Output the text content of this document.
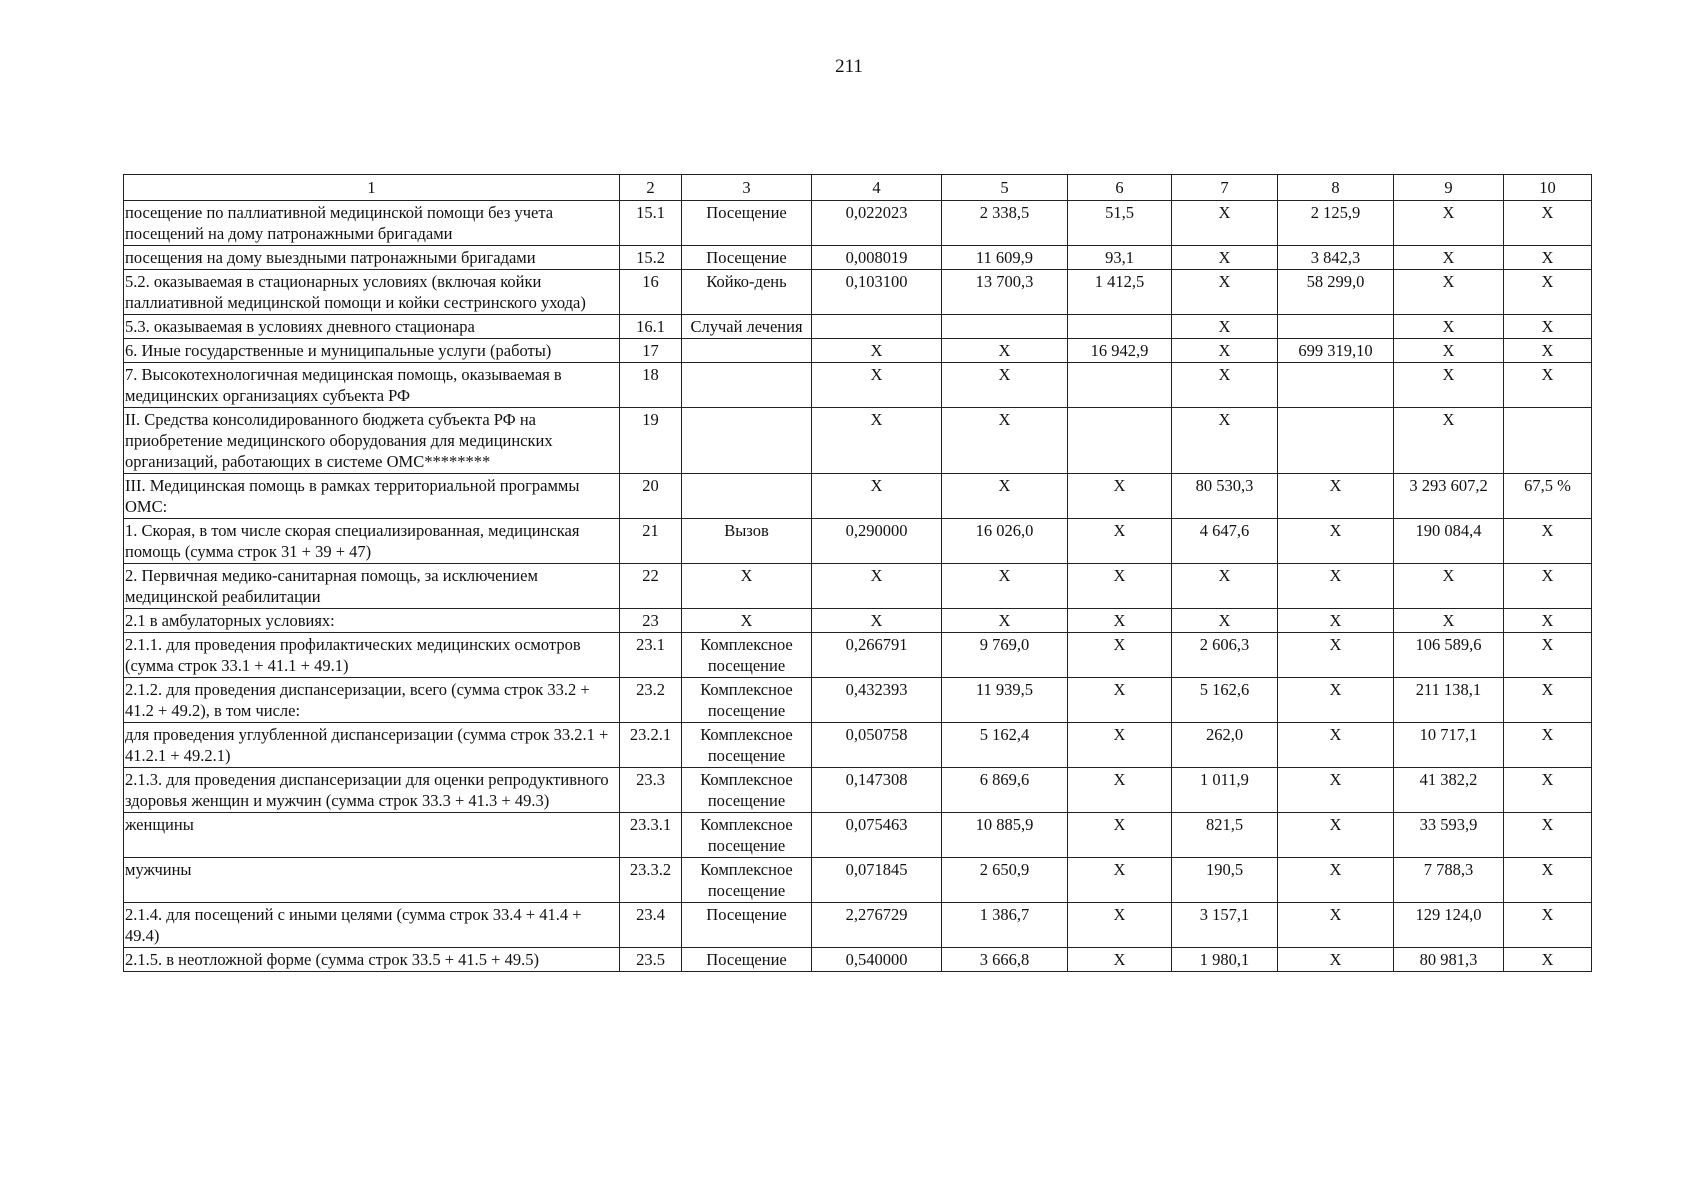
211
1	2	3	4	5	6	7	8	9	10
посещение по паллиативной медицинской помощи без учета посещений на дому патронажными бригадами	15.1	Посещение	0,022023	2 338,5	51,5	X	2 125,9	X	X
посещения на дому выездными патронажными бригадами	15.2	Посещение	0,008019	11 609,9	93,1	X	3 842,3	X	X
5.2. оказываемая в стационарных условиях (включая койки паллиативной медицинской помощи и койки сестринского ухода)	16	Койко-день	0,103100	13 700,3	1 412,5	X	58 299,0	X	X
5.3. оказываемая в условиях дневного стационара	16.1	Случай лечения				X		X	X
6. Иные государственные и муниципальные услуги (работы)	17		X	X	16 942,9	X	699 319,10	X	X
7. Высокотехнологичная медицинская помощь, оказываемая в медицинских организациях субъекта РФ	18		X	X		X		X	X
II. Средства консолидированного бюджета субъекта РФ на приобретение медицинского оборудования для медицинских организаций, работающих в системе ОМС********	19		X	X		X		X	
III. Медицинская помощь в рамках территориальной программы ОМС:	20		X	X	X	80 530,3	X	3 293 607,2	67,5 %
1. Скорая, в том числе скорая специализированная, медицинская помощь (сумма строк 31 + 39 + 47)	21	Вызов	0,290000	16 026,0	X	4 647,6	X	190 084,4	X
2. Первичная медико-санитарная помощь, за исключением медицинской реабилитации	22	X	X	X	X	X	X	X	X
2.1 в амбулаторных условиях:	23	X	X	X	X	X	X	X	X
2.1.1. для проведения профилактических медицинских осмотров (сумма строк 33.1 + 41.1 + 49.1)	23.1	Комплексное посещение	0,266791	9 769,0	X	2 606,3	X	106 589,6	X
2.1.2. для проведения диспансеризации, всего (сумма строк 33.2 + 41.2 + 49.2), в том числе:	23.2	Комплексное посещение	0,432393	11 939,5	X	5 162,6	X	211 138,1	X
для проведения углубленной диспансеризации (сумма строк 33.2.1 + 41.2.1 + 49.2.1)	23.2.1	Комплексное посещение	0,050758	5 162,4	X	262,0	X	10 717,1	X
2.1.3. для проведения диспансеризации для оценки репродуктивного здоровья женщин и мужчин (сумма строк 33.3 + 41.3 + 49.3)	23.3	Комплексное посещение	0,147308	6 869,6	X	1 011,9	X	41 382,2	X
женщины	23.3.1	Комплексное посещение	0,075463	10 885,9	X	821,5	X	33 593,9	X
мужчины	23.3.2	Комплексное посещение	0,071845	2 650,9	X	190,5	X	7 788,3	X
2.1.4. для посещений с иными целями (сумма строк 33.4 + 41.4 + 49.4)	23.4	Посещение	2,276729	1 386,7	X	3 157,1	X	129 124,0	X
2.1.5. в неотложной форме (сумма строк 33.5 + 41.5 + 49.5)	23.5	Посещение	0,540000	3 666,8	X	1 980,1	X	80 981,3	X
